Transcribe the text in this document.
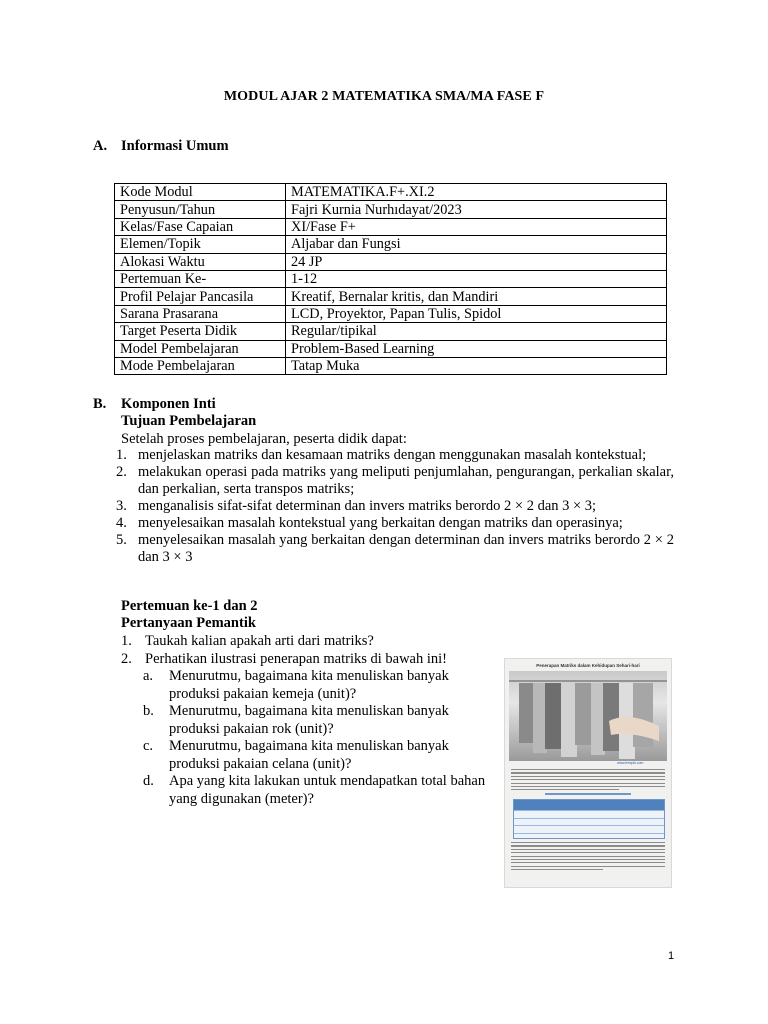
MODUL AJAR 2 MATEMATIKA SMA/MA FASE F
A. Informasi Umum
Kode Modul	MATEMATIKA.F+.XI.2
Penyusun/Tahun	Fajri Kurnia Nurhıdayat/2023
Kelas/Fase Capaian	XI/Fase F+
Elemen/Topik	Aljabar dan Fungsi
Alokasi Waktu	24 JP
Pertemuan Ke-	1-12
Profil Pelajar Pancasila	Kreatif, Bernalar kritis, dan Mandiri
Sarana Prasarana	LCD, Proyektor, Papan Tulis, Spidol
Target Peserta Didik	Regular/tipikal
Model Pembelajaran	Problem-Based Learning
Mode Pembelajaran	Tatap Muka
B. Komponen Inti
Tujuan Pembelajaran
Setelah proses pembelajaran, peserta didik dapat:
1. menjelaskan matriks dan kesamaan matriks dengan menggunakan masalah kontekstual;
2. melakukan operasi pada matriks yang meliputi penjumlahan, pengurangan, perkalian skalar, dan perkalian, serta transpos matriks;
3. menganalisis sifat-sifat determinan dan invers matriks berordo 2 × 2 dan 3 × 3;
4. menyelesaikan masalah kontekstual yang berkaitan dengan matriks dan operasinya;
5. menyelesaikan masalah yang berkaitan dengan determinan dan invers matriks berordo 2 × 2 dan 3 × 3
Pertemuan ke-1 dan 2
Pertanyaan Pemantik
1. Taukah kalian apakah arti dari matriks?
2. Perhatikan ilustrasi penerapan matriks di bawah ini!
a. Menurutmu, bagaimana kita menuliskan banyak produksi pakaian kemeja (unit)?
b. Menurutmu, bagaimana kita menuliskan banyak produksi pakaian rok (unit)?
c. Menurutmu, bagaimana kita menuliskan banyak produksi pakaian celana (unit)?
d. Apa yang kita lakukan untuk mendapatkan total bahan yang digunakan (meter)?
Penerapan Matriks dalam Kehidupan Sehari-hari
www.freepik.com
1
